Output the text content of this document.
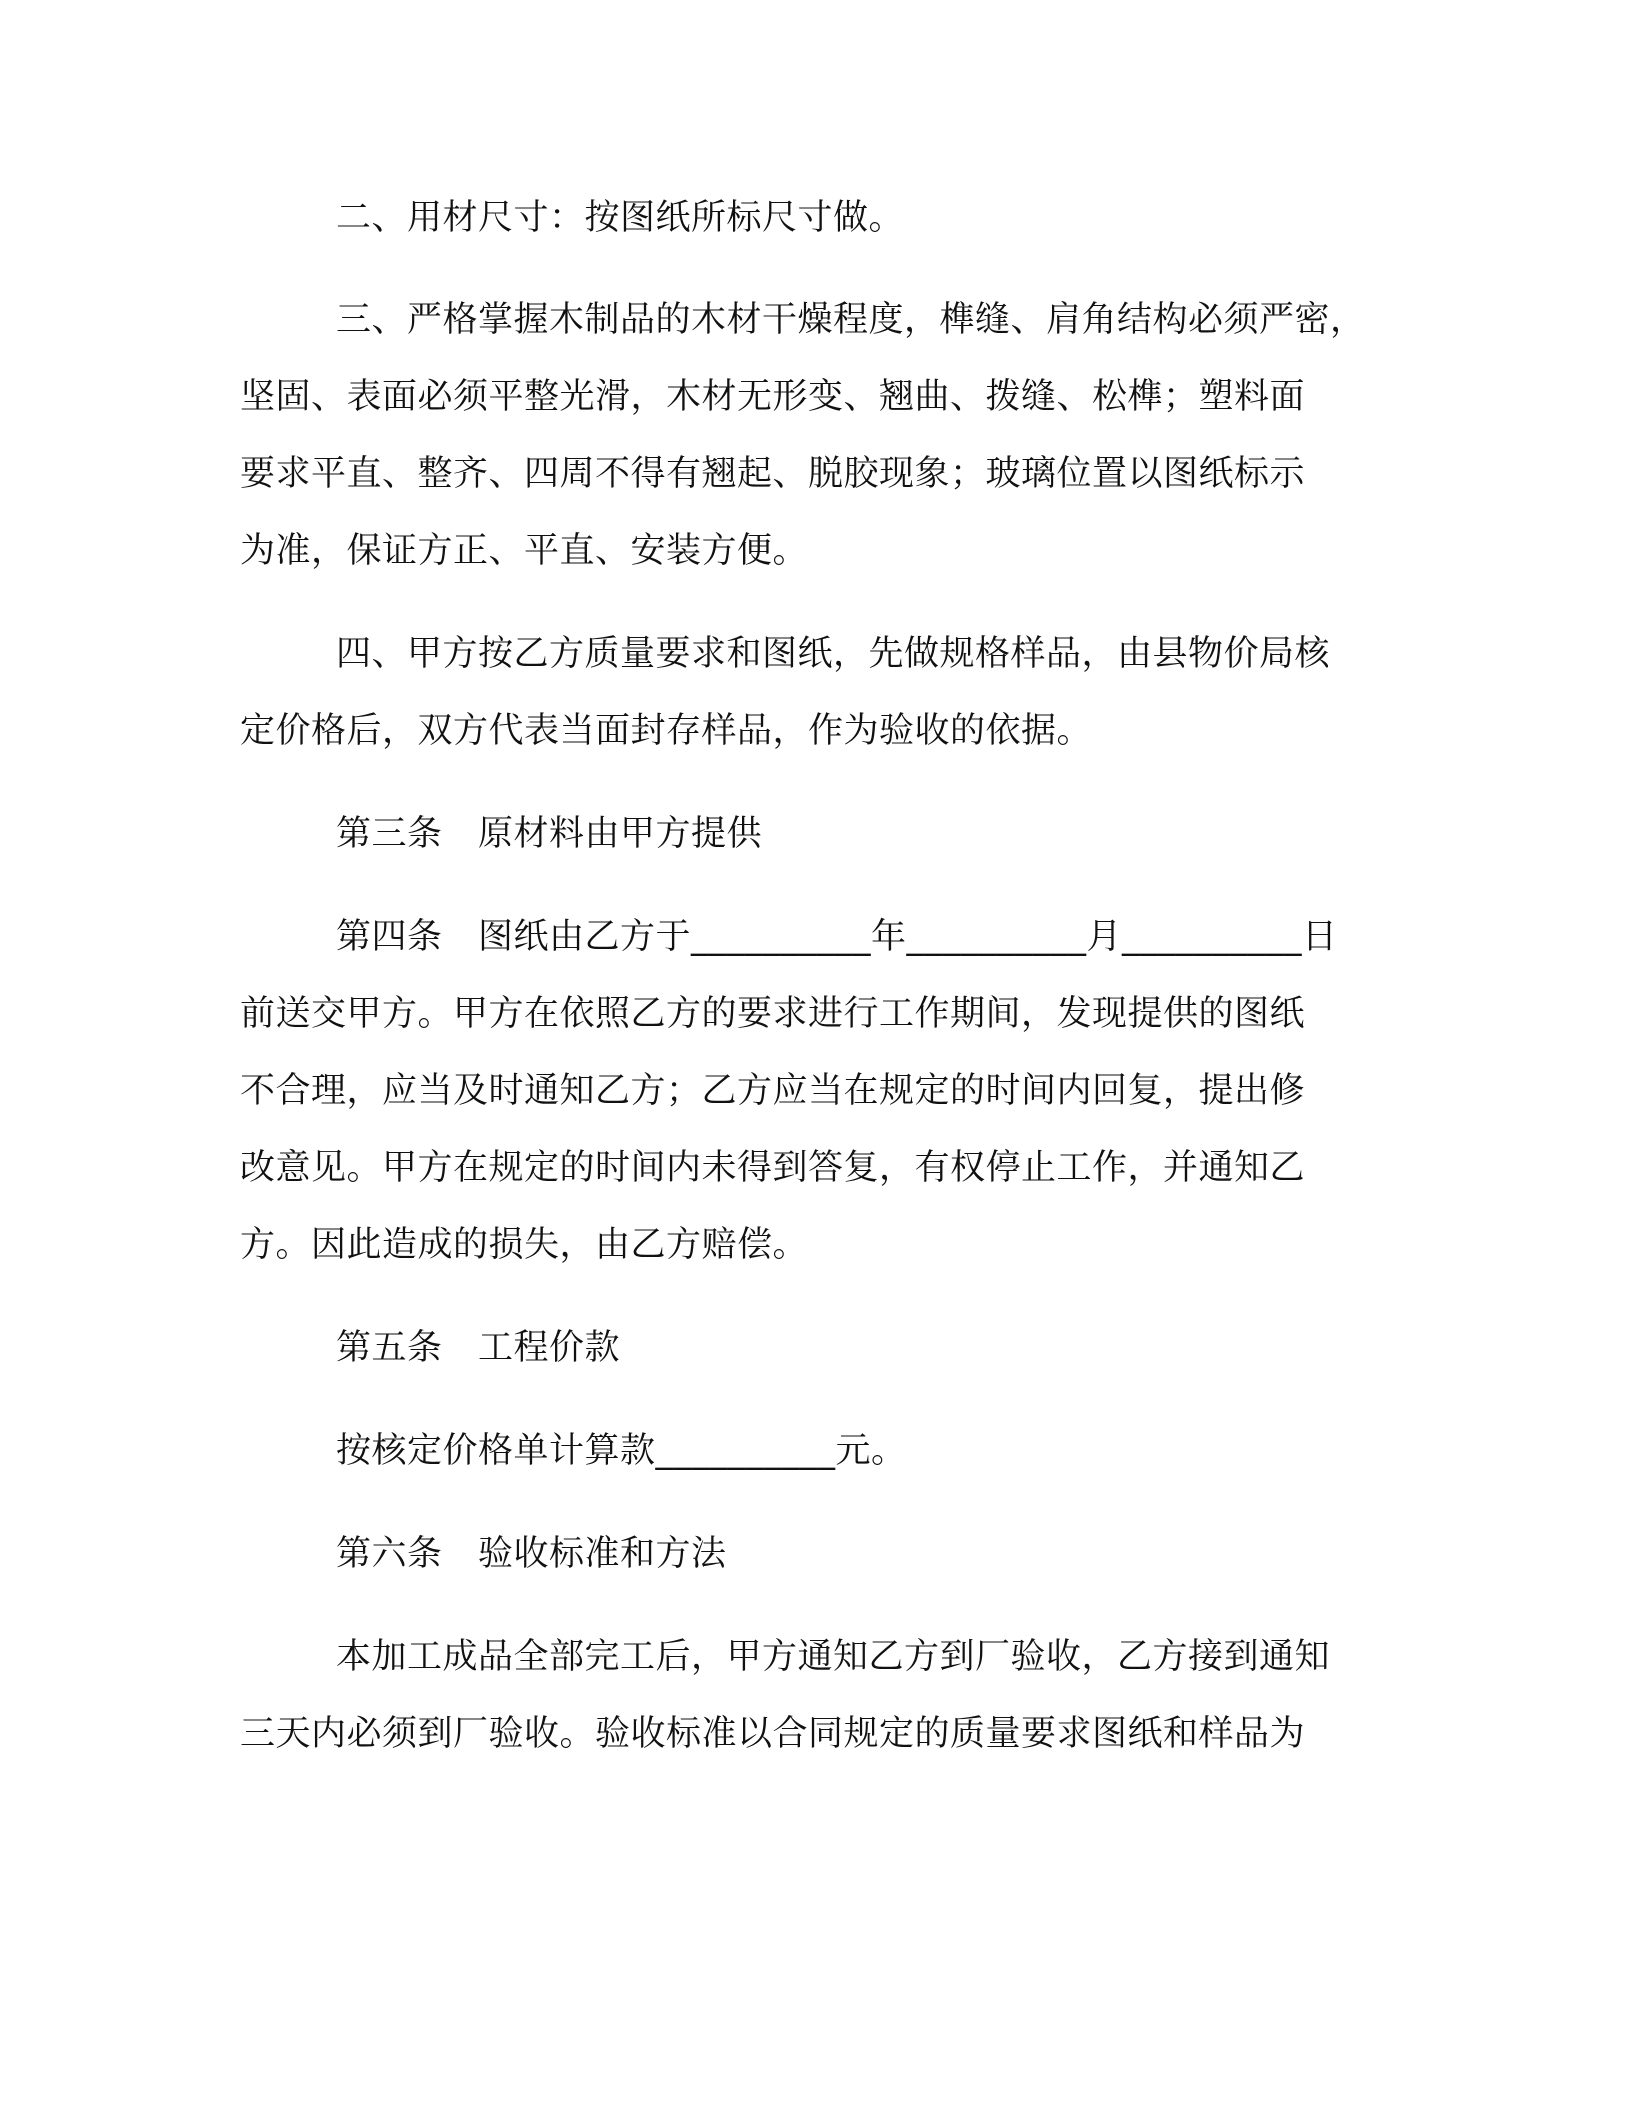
二、用材尺寸：按图纸所标尺寸做。
三、严格掌握木制品的木材干燥程度，榫缝、肩角结构必须严密，
坚固、表面必须平整光滑，木材无形变、翘曲、拨缝、松榫；塑料面
要求平直、整齐、四周不得有翘起、脱胶现象；玻璃位置以图纸标示
为准，保证方正、平直、安装方便。
四、甲方按乙方质量要求和图纸，先做规格样品，由县物价局核
定价格后，双方代表当面封存样品，作为验收的依据。
第三条　原材料由甲方提供
第四条　图纸由乙方于__________年__________月__________日
前送交甲方。甲方在依照乙方的要求进行工作期间，发现提供的图纸
不合理，应当及时通知乙方；乙方应当在规定的时间内回复，提出修
改意见。甲方在规定的时间内未得到答复，有权停止工作，并通知乙
方。因此造成的损失，由乙方赔偿。
第五条　工程价款
按核定价格单计算款__________元。
第六条　验收标准和方法
本加工成品全部完工后，甲方通知乙方到厂验收，乙方接到通知
三天内必须到厂验收。验收标准以合同规定的质量要求图纸和样品为
